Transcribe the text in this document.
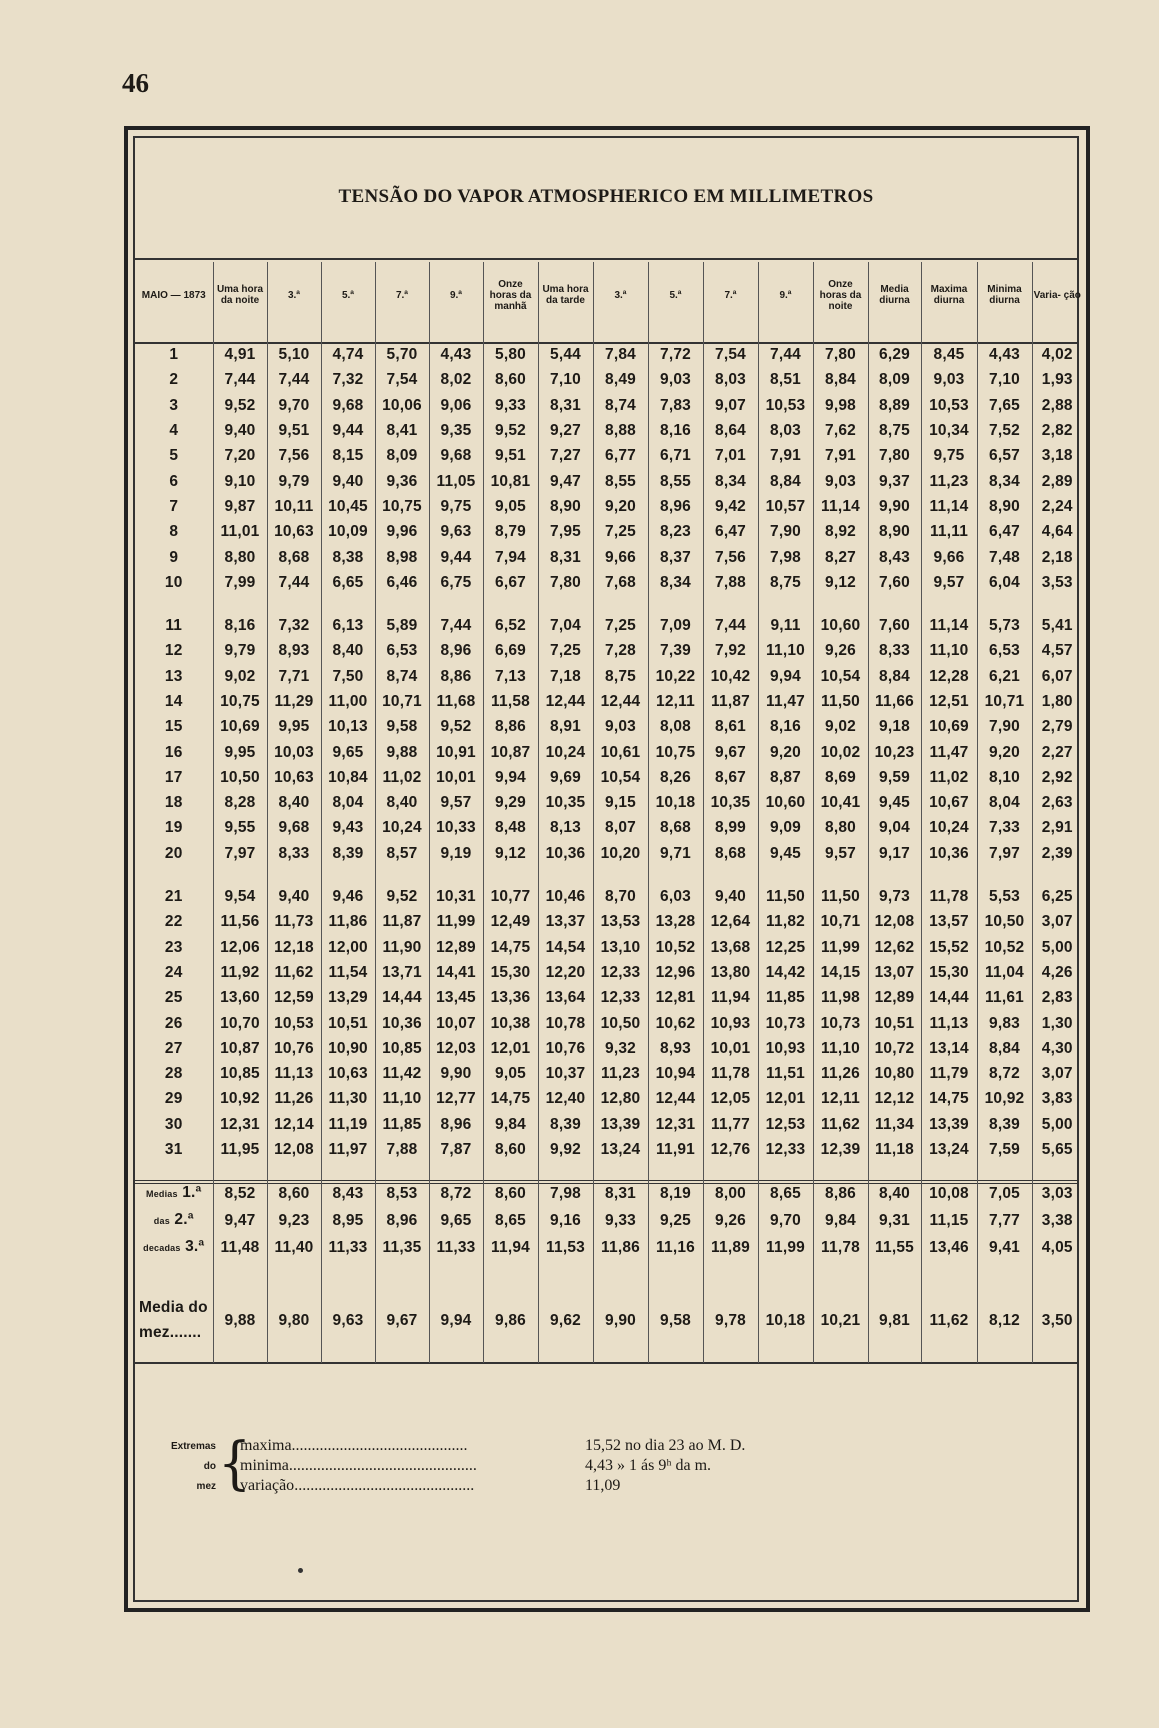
46
TENSÃO DO VAPOR ATMOSPHERICO EM MILLIMETROS
MAIO — 1873	Uma hora da noite	3.ª	5.ª	7.ª	9.ª	Onze horas da manhã	Uma hora da tarde	3.ª	5.ª	7.ª	9.ª	Onze horas da noite	Media diurna	Maxima diurna	Minima diurna	Varia- ção

1	4,91	5,10	4,74	5,70	4,43	5,80	5,44	7,84	7,72	7,54	7,44	7,80	6,29	8,45	4,43	4,02
2	7,44	7,44	7,32	7,54	8,02	8,60	7,10	8,49	9,03	8,03	8,51	8,84	8,09	9,03	7,10	1,93
3	9,52	9,70	9,68	10,06	9,06	9,33	8,31	8,74	7,83	9,07	10,53	9,98	8,89	10,53	7,65	2,88
4	9,40	9,51	9,44	8,41	9,35	9,52	9,27	8,88	8,16	8,64	8,03	7,62	8,75	10,34	7,52	2,82
5	7,20	7,56	8,15	8,09	9,68	9,51	7,27	6,77	6,71	7,01	7,91	7,91	7,80	9,75	6,57	3,18
6	9,10	9,79	9,40	9,36	11,05	10,81	9,47	8,55	8,55	8,34	8,84	9,03	9,37	11,23	8,34	2,89
7	9,87	10,11	10,45	10,75	9,75	9,05	8,90	9,20	8,96	9,42	10,57	11,14	9,90	11,14	8,90	2,24
8	11,01	10,63	10,09	9,96	9,63	8,79	7,95	7,25	8,23	6,47	7,90	8,92	8,90	11,11	6,47	4,64
9	8,80	8,68	8,38	8,98	9,44	7,94	8,31	9,66	8,37	7,56	7,98	8,27	8,43	9,66	7,48	2,18
10	7,99	7,44	6,65	6,46	6,75	6,67	7,80	7,68	8,34	7,88	8,75	9,12	7,60	9,57	6,04	3,53

11	8,16	7,32	6,13	5,89	7,44	6,52	7,04	7,25	7,09	7,44	9,11	10,60	7,60	11,14	5,73	5,41
12	9,79	8,93	8,40	6,53	8,96	6,69	7,25	7,28	7,39	7,92	11,10	9,26	8,33	11,10	6,53	4,57
13	9,02	7,71	7,50	8,74	8,86	7,13	7,18	8,75	10,22	10,42	9,94	10,54	8,84	12,28	6,21	6,07
14	10,75	11,29	11,00	10,71	11,68	11,58	12,44	12,44	12,11	11,87	11,47	11,50	11,66	12,51	10,71	1,80
15	10,69	9,95	10,13	9,58	9,52	8,86	8,91	9,03	8,08	8,61	8,16	9,02	9,18	10,69	7,90	2,79
16	9,95	10,03	9,65	9,88	10,91	10,87	10,24	10,61	10,75	9,67	9,20	10,02	10,23	11,47	9,20	2,27
17	10,50	10,63	10,84	11,02	10,01	9,94	9,69	10,54	8,26	8,67	8,87	8,69	9,59	11,02	8,10	2,92
18	8,28	8,40	8,04	8,40	9,57	9,29	10,35	9,15	10,18	10,35	10,60	10,41	9,45	10,67	8,04	2,63
19	9,55	9,68	9,43	10,24	10,33	8,48	8,13	8,07	8,68	8,99	9,09	8,80	9,04	10,24	7,33	2,91
20	7,97	8,33	8,39	8,57	9,19	9,12	10,36	10,20	9,71	8,68	9,45	9,57	9,17	10,36	7,97	2,39

21	9,54	9,40	9,46	9,52	10,31	10,77	10,46	8,70	6,03	9,40	11,50	11,50	9,73	11,78	5,53	6,25
22	11,56	11,73	11,86	11,87	11,99	12,49	13,37	13,53	13,28	12,64	11,82	10,71	12,08	13,57	10,50	3,07
23	12,06	12,18	12,00	11,90	12,89	14,75	14,54	13,10	10,52	13,68	12,25	11,99	12,62	15,52	10,52	5,00
24	11,92	11,62	11,54	13,71	14,41	15,30	12,20	12,33	12,96	13,80	14,42	14,15	13,07	15,30	11,04	4,26
25	13,60	12,59	13,29	14,44	13,45	13,36	13,64	12,33	12,81	11,94	11,85	11,98	12,89	14,44	11,61	2,83
26	10,70	10,53	10,51	10,36	10,07	10,38	10,78	10,50	10,62	10,93	10,73	10,73	10,51	11,13	9,83	1,30
27	10,87	10,76	10,90	10,85	12,03	12,01	10,76	9,32	8,93	10,01	10,93	11,10	10,72	13,14	8,84	4,30
28	10,85	11,13	10,63	11,42	9,90	9,05	10,37	11,23	10,94	11,78	11,51	11,26	10,80	11,79	8,72	3,07
29	10,92	11,26	11,30	11,10	12,77	14,75	12,40	12,80	12,44	12,05	12,01	12,11	12,12	14,75	10,92	3,83
30	12,31	12,14	11,19	11,85	8,96	9,84	8,39	13,39	12,31	11,77	12,53	11,62	11,34	13,39	8,39	5,00
31	11,95	12,08	11,97	7,88	7,87	8,60	9,92	13,24	11,91	12,76	12,33	12,39	11,18	13,24	7,59	5,65

Medias 1.ª	8,52	8,60	8,43	8,53	8,72	8,60	7,98	8,31	8,19	8,00	8,65	8,86	8,40	10,08	7,05	3,03
das 2.ª	9,47	9,23	8,95	8,96	9,65	8,65	9,16	9,33	9,25	9,26	9,70	9,84	9,31	11,15	7,77	3,38
decadas 3.ª	11,48	11,40	11,33	11,35	11,33	11,94	11,53	11,86	11,16	11,89	11,99	11,78	11,55	13,46	9,41	4,05

Media do
mez.......	9,88	9,80	9,63	9,67	9,94	9,86	9,62	9,90	9,58	9,78	10,18	10,21	9,81	11,62	8,12	3,50

Extremas
do
mez {
maxima............................................	15,52 no dia 23 ao M. D.
minima...............................................	4,43 » 1 ás 9ʰ da m.
variação.............................................	11,09
